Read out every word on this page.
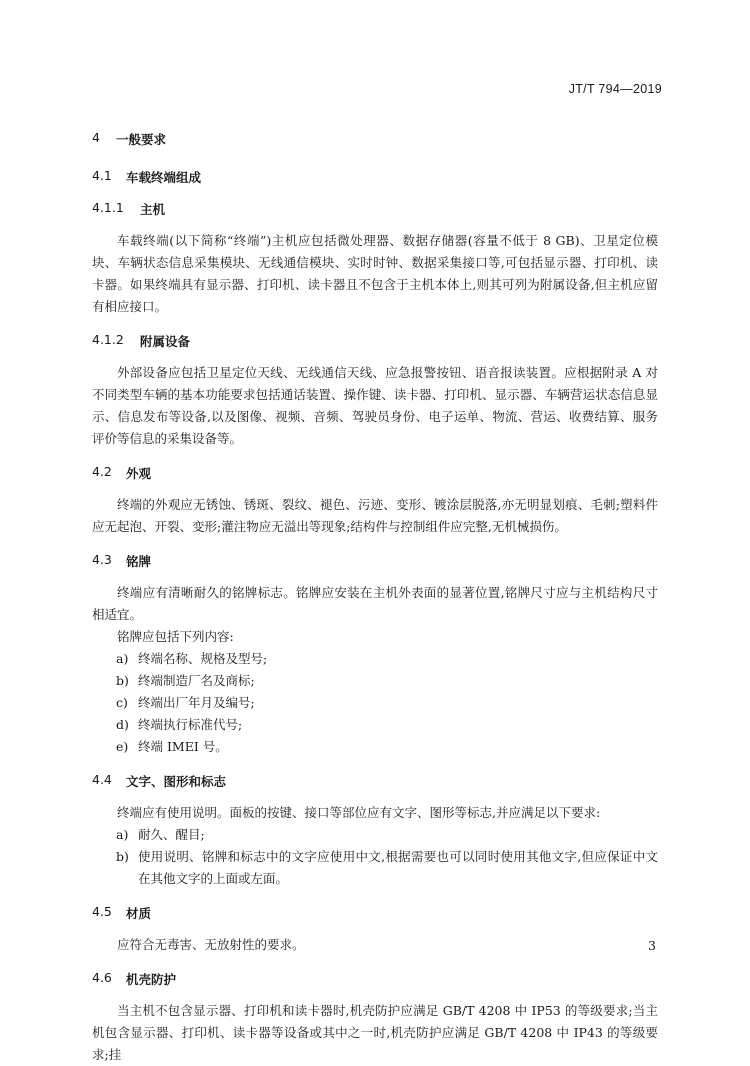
JT/T 794—2019
4	一般要求
4.1	车载终端组成
4.1.1	主机
车载终端(以下简称“终端”)主机应包括微处理器、数据存储器(容量不低于 8 GB)、卫星定位模块、车辆状态信息采集模块、无线通信模块、实时时钟、数据采集接口等,可包括显示器、打印机、读卡器。如果终端具有显示器、打印机、读卡器且不包含于主机本体上,则其可列为附属设备,但主机应留有相应接口。
4.1.2	附属设备
外部设备应包括卫星定位天线、无线通信天线、应急报警按钮、语音报读装置。应根据附录 A 对不同类型车辆的基本功能要求包括通话装置、操作键、读卡器、打印机、显示器、车辆营运状态信息显示、信息发布等设备,以及图像、视频、音频、驾驶员身份、电子运单、物流、营运、收费结算、服务评价等信息的采集设备等。
4.2	外观
终端的外观应无锈蚀、锈斑、裂纹、褪色、污迹、变形、镀涂层脱落,亦无明显划痕、毛刺;塑料件应无起泡、开裂、变形;灌注物应无溢出等现象;结构件与控制组件应完整,无机械损伤。
4.3	铭牌
终端应有清晰耐久的铭牌标志。铭牌应安装在主机外表面的显著位置,铭牌尺寸应与主机结构尺寸相适宜。
铭牌应包括下列内容:
a) 终端名称、规格及型号;
b) 终端制造厂名及商标;
c) 终端出厂年月及编号;
d) 终端执行标准代号;
e) 终端 IMEI 号。
4.4	文字、图形和标志
终端应有使用说明。面板的按键、接口等部位应有文字、图形等标志,并应满足以下要求:
a) 耐久、醒目;
b) 使用说明、铭牌和标志中的文字应使用中文,根据需要也可以同时使用其他文字,但应保证中文在其他文字的上面或左面。
4.5	材质
应符合无毒害、无放射性的要求。
4.6	机壳防护
当主机不包含显示器、打印机和读卡器时,机壳防护应满足 GB/T 4208 中 IP53 的等级要求;当主机包含显示器、打印机、读卡器等设备或其中之一时,机壳防护应满足 GB/T 4208 中 IP43 的等级要求;挂
3
